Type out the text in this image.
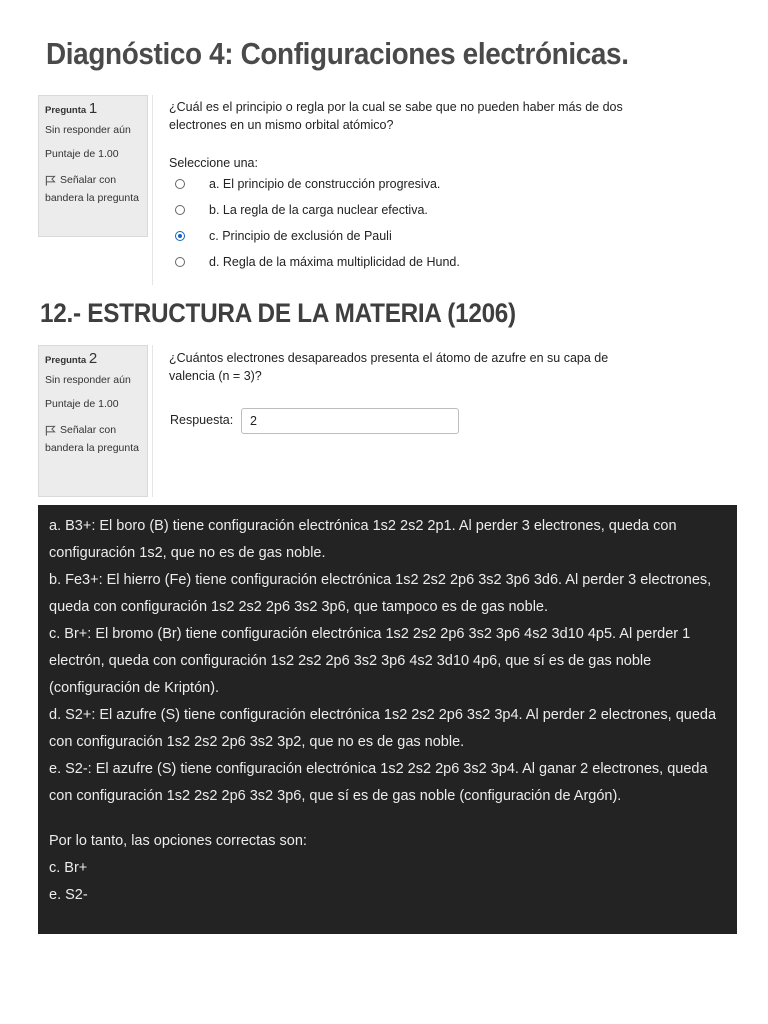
Diagnóstico 4: Configuraciones electrónicas.
Pregunta 1
Sin responder aún
Puntaje de 1.00
Señalar con bandera la pregunta
¿Cuál es el principio o regla por la cual se sabe que no pueden haber más de dos electrones en un mismo orbital atómico?
Seleccione una:
a. El principio de construcción progresiva.
b. La regla de la carga nuclear efectiva.
c. Principio de exclusión de Pauli
d. Regla de la máxima multiplicidad de Hund.
12.- ESTRUCTURA DE LA MATERIA (1206)
Pregunta 2
Sin responder aún
Puntaje de 1.00
Señalar con bandera la pregunta
¿Cuántos electrones desapareados presenta el átomo de azufre en su capa de valencia (n = 3)?
Respuesta:
2

a. B3+: El boro (B) tiene configuración electrónica 1s2 2s2 2p1. Al perder 3 electrones, queda con configuración 1s2, que no es de gas noble.

b. Fe3+: El hierro (Fe) tiene configuración electrónica 1s2 2s2 2p6 3s2 3p6 3d6. Al perder 3 electrones, queda con configuración 1s2 2s2 2p6 3s2 3p6, que tampoco es de gas noble.

c. Br+: El bromo (Br) tiene configuración electrónica 1s2 2s2 2p6 3s2 3p6 4s2 3d10 4p5. Al perder 1 electrón, queda con configuración 1s2 2s2 2p6 3s2 3p6 4s2 3d10 4p6, que sí es de gas noble (configuración de Kriptón).

d. S2+: El azufre (S) tiene configuración electrónica 1s2 2s2 2p6 3s2 3p4. Al perder 2 electrones, queda con configuración 1s2 2s2 2p6 3s2 3p2, que no es de gas noble.

e. S2-: El azufre (S) tiene configuración electrónica 1s2 2s2 2p6 3s2 3p4. Al ganar 2 electrones, queda con configuración 1s2 2s2 2p6 3s2 3p6, que sí es de gas noble (configuración de Argón).

Por lo tanto, las opciones correctas son:

c. Br+

e. S2-
